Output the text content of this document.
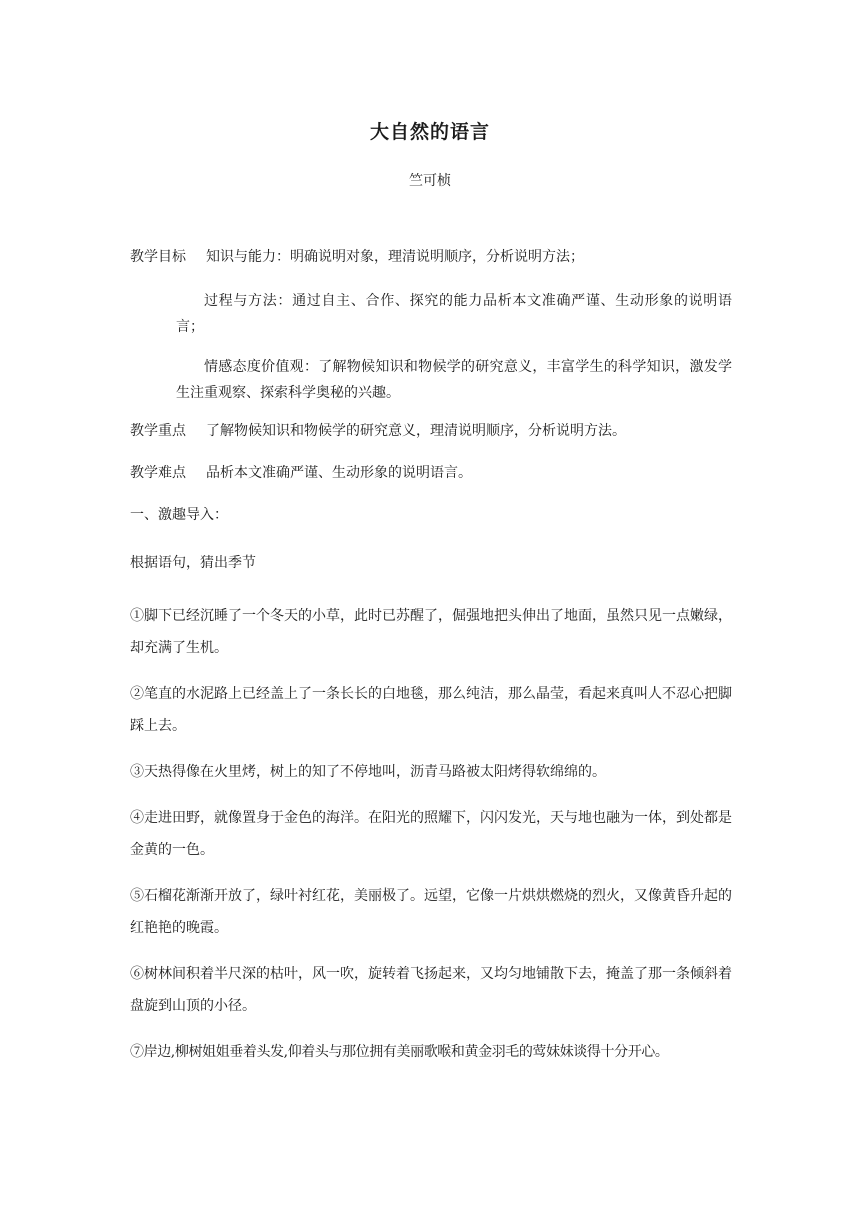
大自然的语言
竺可桢
教学目标	知识与能力：明确说明对象，理清说明顺序，分析说明方法；
过程与方法：通过自主、合作、探究的能力品析本文准确严谨、生动形象的说明语言；
情感态度价值观：了解物候知识和物候学的研究意义，丰富学生的科学知识，激发学生注重观察、探索科学奥秘的兴趣。
教学重点	了解物候知识和物候学的研究意义，理清说明顺序，分析说明方法。
教学难点	品析本文准确严谨、生动形象的说明语言。
一、激趣导入：
根据语句，猜出季节
①脚下已经沉睡了一个冬天的小草，此时已苏醒了，倔强地把头伸出了地面，虽然只见一点嫩绿，却充满了生机。
②笔直的水泥路上已经盖上了一条长长的白地毯，那么纯洁，那么晶莹，看起来真叫人不忍心把脚踩上去。
③天热得像在火里烤，树上的知了不停地叫，沥青马路被太阳烤得软绵绵的。
④走进田野，就像置身于金色的海洋。在阳光的照耀下，闪闪发光，天与地也融为一体，到处都是金黄的一色。
⑤石榴花渐渐开放了，绿叶衬红花，美丽极了。远望，它像一片烘烘燃烧的烈火，又像黄昏升起的红艳艳的晚霞。
⑥树林间积着半尺深的枯叶，风一吹，旋转着飞扬起来，又均匀地铺散下去，掩盖了那一条倾斜着盘旋到山顶的小径。
⑦岸边,柳树姐姐垂着头发,仰着头与那位拥有美丽歌喉和黄金羽毛的莺妹妹谈得十分开心。
